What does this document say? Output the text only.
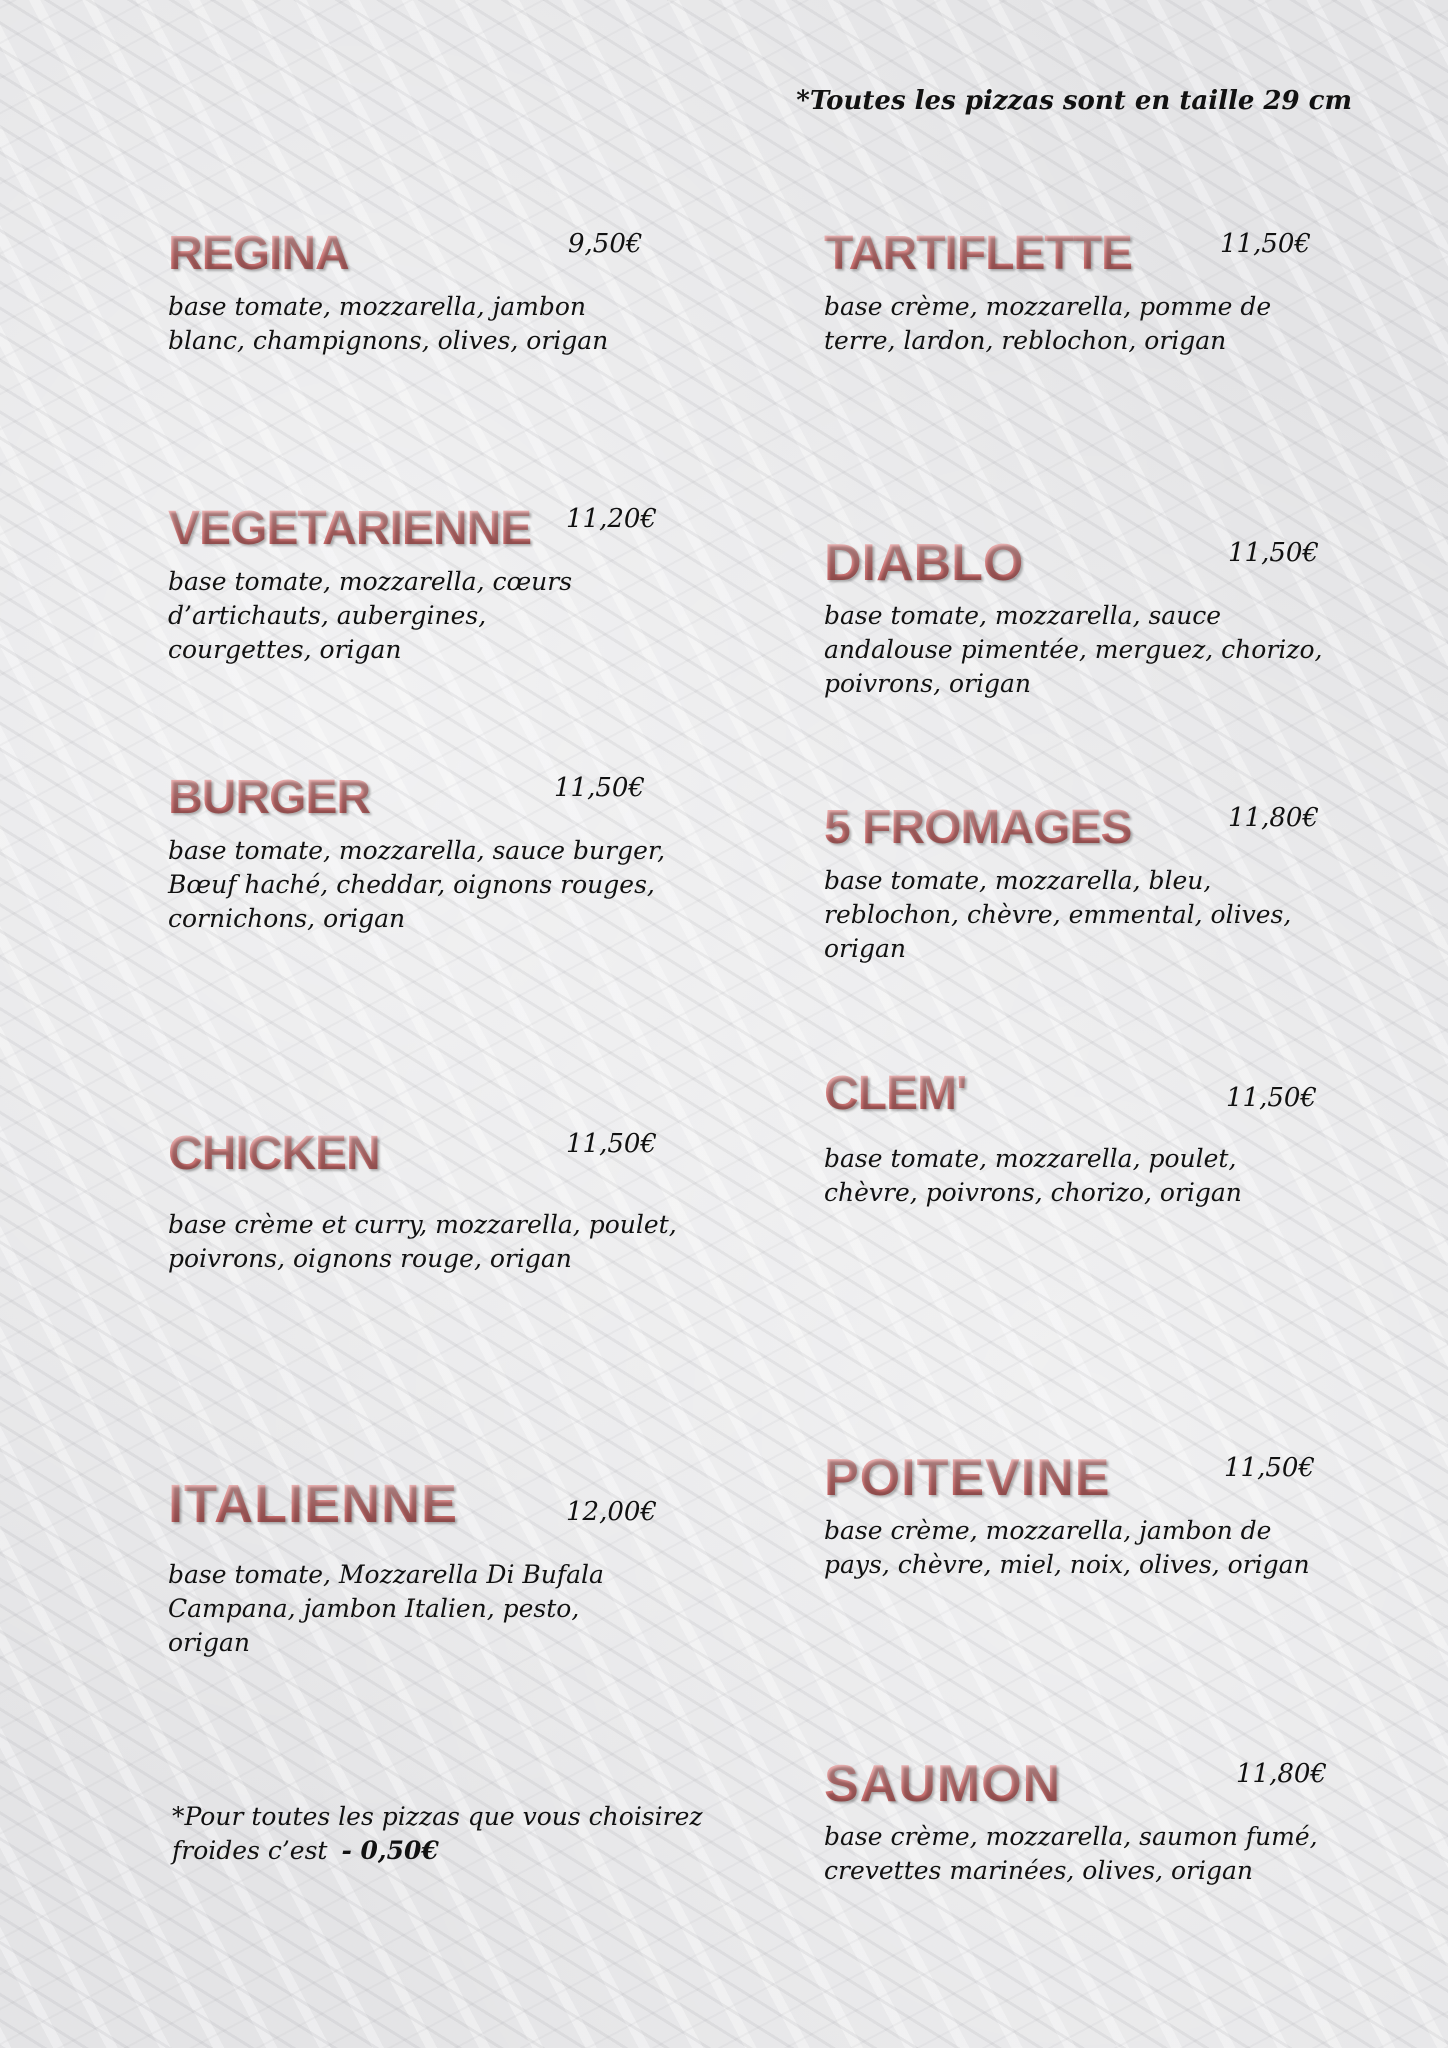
*Toutes les pizzas sont en taille 29 cm
REGINA	9,50€
base tomate, mozzarella, jambon blanc, champignons, olives, origan
VEGETARIENNE 11,20€
base tomate, mozzarella, cœurs d’artichauts, aubergines, courgettes, origan
BURGER	11,50€
base tomate, mozzarella, sauce burger, Bœuf haché, cheddar, oignons rouges, cornichons, origan
CHICKEN	11,50€
base crème et curry, mozzarella, poulet, poivrons, oignons rouge, origan
ITALIENNE	12,00€
base tomate, Mozzarella Di Bufala Campana, jambon Italien, pesto, origan
TARTIFLETTE	11,50€
base crème, mozzarella, pomme de terre, lardon, reblochon, origan
DIABLO	11,50€
base tomate, mozzarella, sauce andalouse pimentée, merguez, chorizo, poivrons, origan
5 FROMAGES	11,80€
base tomate, mozzarella, bleu, reblochon, chèvre, emmental, olives, origan
CLEM'	11,50€
base tomate, mozzarella, poulet, chèvre, poivrons, chorizo, origan
POITEVINE	11,50€
base crème, mozzarella, jambon de pays, chèvre, miel, noix, olives, origan
SAUMON	11,80€
base crème, mozzarella, saumon fumé, crevettes marinées, olives, origan
*Pour toutes les pizzas que vous choisirez froides c’est - 0,50€
